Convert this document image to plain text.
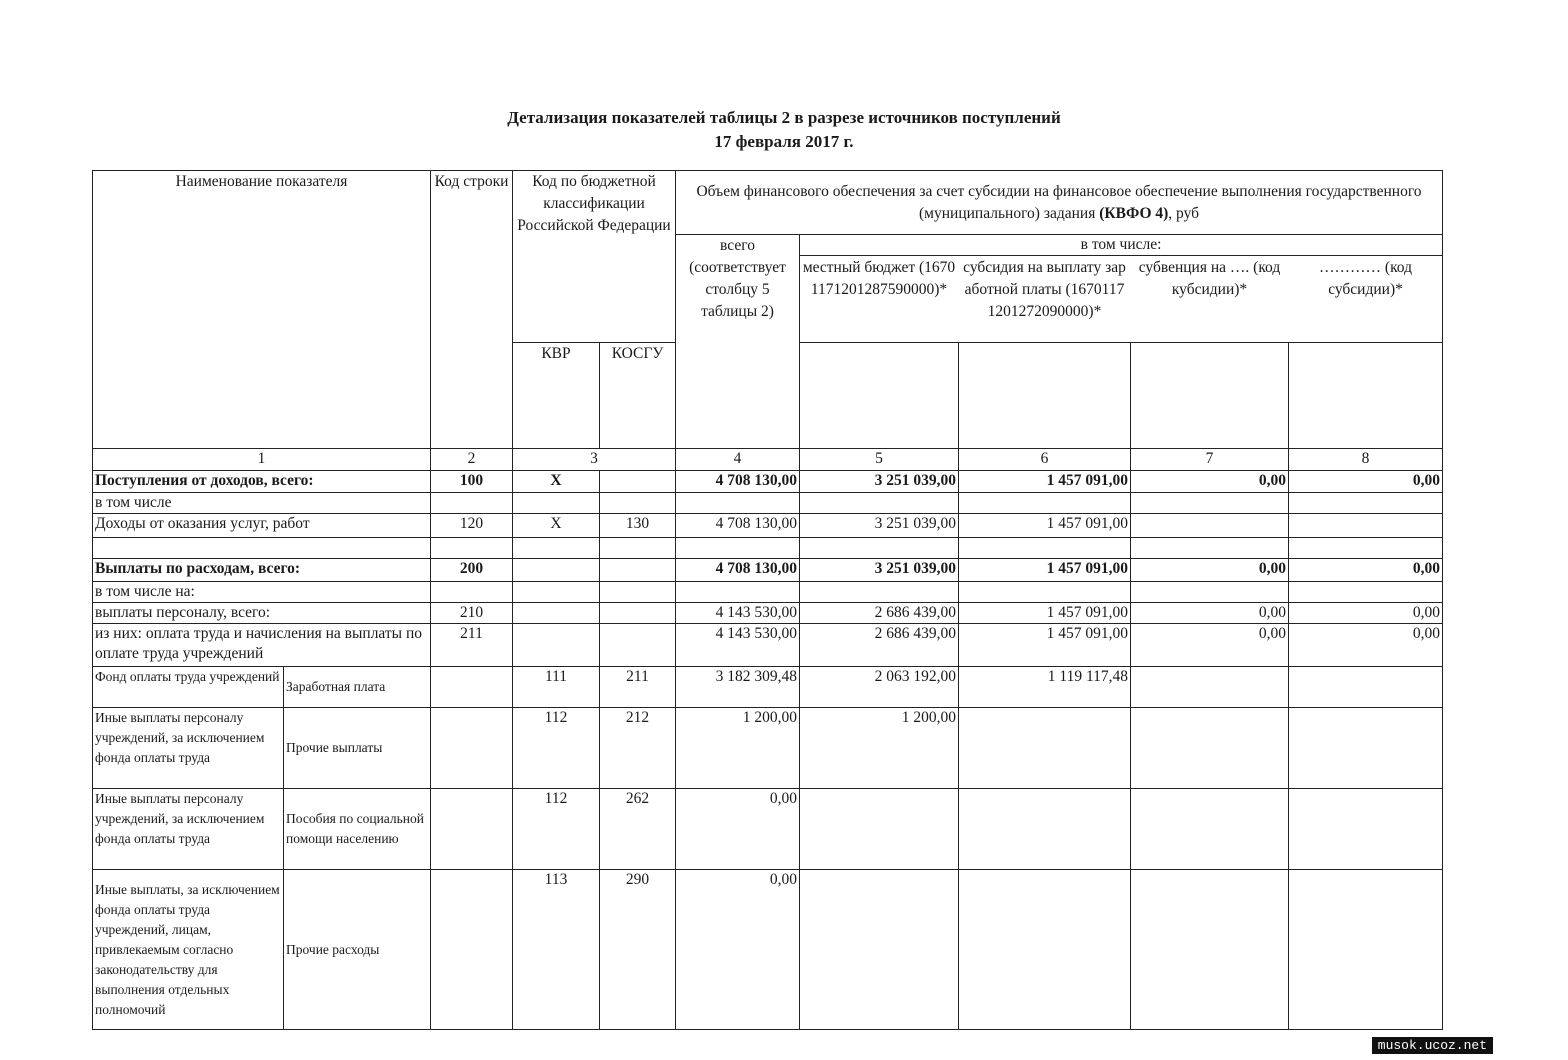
Детализация показателей таблицы 2 в разрезе источников поступлений
17 февраля 2017 г.
Наименование показателя		Код строки	Код по бюджетной классификации Российской Федерации		Объем финансового обеспечения за счет субсидии на финансовое обеспечение выполнения государственного (муниципального) задания (КВФО 4), руб				
					всего (соответствует столбцу 5 таблицы 2)	в том числе:			

			КВР	КОСГУ		местный бюджет (16701171201287590000)*	субсидия на выплату заработной платы (16701171201272090000)*	субвенция на …. (код кубсидии)*	………… (код субсидии)*

1		2	3		4	5	6	7	8
Поступления от доходов, всего:		100	Х		4 708 130,00	3 251 039,00	1 457 091,00	0,00	0,00
в том числе									
Доходы от оказания услуг, работ		120	Х	130	4 708 130,00	3 251 039,00	1 457 091,00		

Выплаты по расходам, всего:		200			4 708 130,00	3 251 039,00	1 457 091,00	0,00	0,00
в том числе на:									
выплаты персоналу, всего:		210			4 143 530,00	2 686 439,00	1 457 091,00	0,00	0,00
из них: оплата труда и начисления на выплаты по оплате труда учреждений		211			4 143 530,00	2 686 439,00	1 457 091,00	0,00	0,00
Фонд оплаты труда учреждений	Заработная плата		111	211	3 182 309,48	2 063 192,00	1 119 117,48		
Иные выплаты персоналу учреждений, за исключением фонда оплаты труда	Прочие выплаты		112	212	1 200,00	1 200,00			
Иные выплаты персоналу учреждений, за исключением фонда оплаты труда	Пособия по социальной помощи населению		112	262	0,00				
Иные выплаты, за исключением фонда оплаты труда учреждений, лицам, привлекаемым согласно законодательству для выполнения отдельных полномочий	Прочие расходы		113	290	0,00				
musok.ucoz.net
